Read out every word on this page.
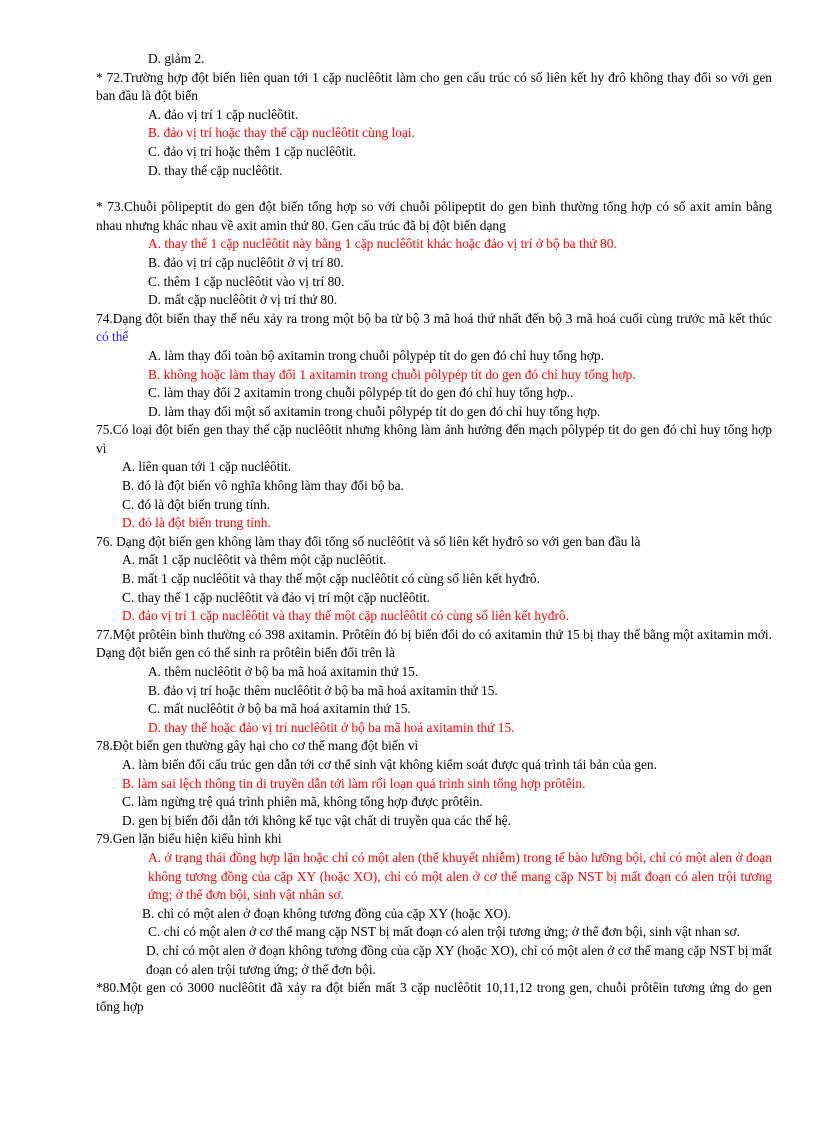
D. giảm 2.
* 72.Trường hợp đột biến liên quan tới 1 cặp nuclêôtit làm cho gen cấu trúc có số liên kết hy đrô không thay đổi so với gen ban đầu là đột biến
A. đảo vị trí 1 cặp nuclêôtit.
B. đảo vị trí hoặc thay thế cặp nuclêôtit cùng loại.
C. đảo vị trí hoặc thêm 1 cặp nuclêôtit.
D. thay thế cặp nuclêôtit.
* 73.Chuỗi pôlipeptit do gen đột biến tổng hợp so với chuỗi pôlipeptit do gen bình thường tổng hợp có số axit amin bằng nhau nhưng khác nhau về axit amin thứ 80. Gen cấu trúc đã bị đột biến dạng
A. thay thế 1 cặp nuclêôtit này bằng 1 cặp nuclêôtit khác hoặc đảo vị trí ở bộ ba thứ 80.
B. đảo vị trí cặp nuclêôtit ở vị trí 80.
C. thêm 1 cặp nuclêôtit vào vị trí 80.
D. mất cặp nuclêôtit ở vị trí thứ 80.
74.Dạng đột biến thay thế nếu xảy ra trong một bộ ba từ bộ 3 mã hoá thứ nhất đến bộ 3 mã hoá cuối cùng trước mã kết thúc có thể
A. làm thay đổi toàn bộ axitamin trong chuỗi pôlypép tít do gen đó chỉ huy tổng hợp.
B. không hoặc làm thay đổi 1 axitamin trong chuỗi pôlypép tít do gen đó chỉ huy tổng hợp.
C. làm thay đổi 2 axitamin trong chuỗi pôlypép tít do gen đó chỉ huy tổng hợp..
D. làm thay đổi một số axitamin trong chuỗi pôlypép tít do gen đó chỉ huy tổng hợp.
75.Có loại đột biến gen thay thế cặp nuclêôtit nhưng không làm ảnh hưởng đến mạch pôlypép tit do gen đó chỉ huy tổng hợp vì
A. liên quan tới 1 cặp nuclêôtit.
B. đó là đột biến vô nghĩa không làm thay đổi bộ ba.
C. đó là đột biến trung tính.
D. đó là đột biến trung tính.
76. Dạng đột biến gen không làm thay đổi tổng số nuclêôtit và số liên kết hyđrô so với gen ban đầu là
A. mất 1 cặp nuclêôtit và thêm một cặp nuclêôtit.
B. mất 1 cặp nuclêôtit và thay thế một cặp nuclêôtit có cùng số liên kết hyđrô.
C. thay thế 1 cặp nuclêôtit và đảo vị trí một cặp nuclêôtit.
D. đảo vị trí 1 cặp nuclêôtit và thay thế một cặp nuclêôtit có cùng số liên kết hyđrô.
77.Một prôtêin bình thường có 398 axitamin. Prôtêin đó bị biến đổi do có axitamin thứ 15 bị thay thế bằng một axitamin mới. Dạng đột biến gen có thể sinh ra prôtêin biến đổi trên là
A. thêm nuclêôtit ở bộ ba mã hoá axitamin thứ 15.
B. đảo vị trí hoặc thêm nuclêôtit ở bộ ba mã hoá axitamin thứ 15.
C. mất nuclêôtit ở bộ ba mã hoá axitamin thứ 15.
D. thay thế hoặc đảo vị trí nuclêôtit ở bộ ba mã hoá axitamin thứ 15.
78.Đột biến gen thường gây hại cho cơ thể mang đột biến vì
A. làm biến đổi cấu trúc gen dẫn tới cơ thể sinh vật không kiểm soát được quá trình tái bản của gen.
B. làm sai lệch thông tin di truyền dẫn tới làm rối loạn quá trình sinh tổng hợp prôtêin.
C. làm ngừng trệ quá trình phiên mã, không tổng hợp được prôtêin.
D. gen bị biến đổi dẫn tới không kế tục vật chất di truyền qua các thế hệ.
79.Gen lặn biểu hiện kiểu hình khi
A. ở trạng thái đồng hợp lặn hoặc chỉ có một alen (thể khuyết nhiễm) trong tế bào lưỡng bội, chỉ có một alen ở đoạn không tương đồng của cặp XY (hoặc XO), chỉ có một alen ở cơ thể mang cặp NST bị mất đoạn có alen trội tương ứng; ở thể đơn bội, sinh vật nhân sơ.
B. chỉ có một alen ở đoạn không tương đồng của cặp XY (hoặc XO).
C. chỉ có một alen ở cơ thể mang cặp NST bị mất đoạn có alen trội tương ứng; ở thể đơn bội, sinh vật nhan sơ.
D. chỉ có một alen ở đoạn không tương đồng của cặp XY (hoặc XO), chỉ có một alen ở cơ thể mang cặp NST bị mất đoạn có alen trội tương ứng; ở thể đơn bội.
*80.Một gen có 3000 nuclêôtit đã xảy ra đột biến mất 3 cặp nuclêôtit 10,11,12 trong gen, chuỗi prôtêin tương ứng do gen tổng hợp
